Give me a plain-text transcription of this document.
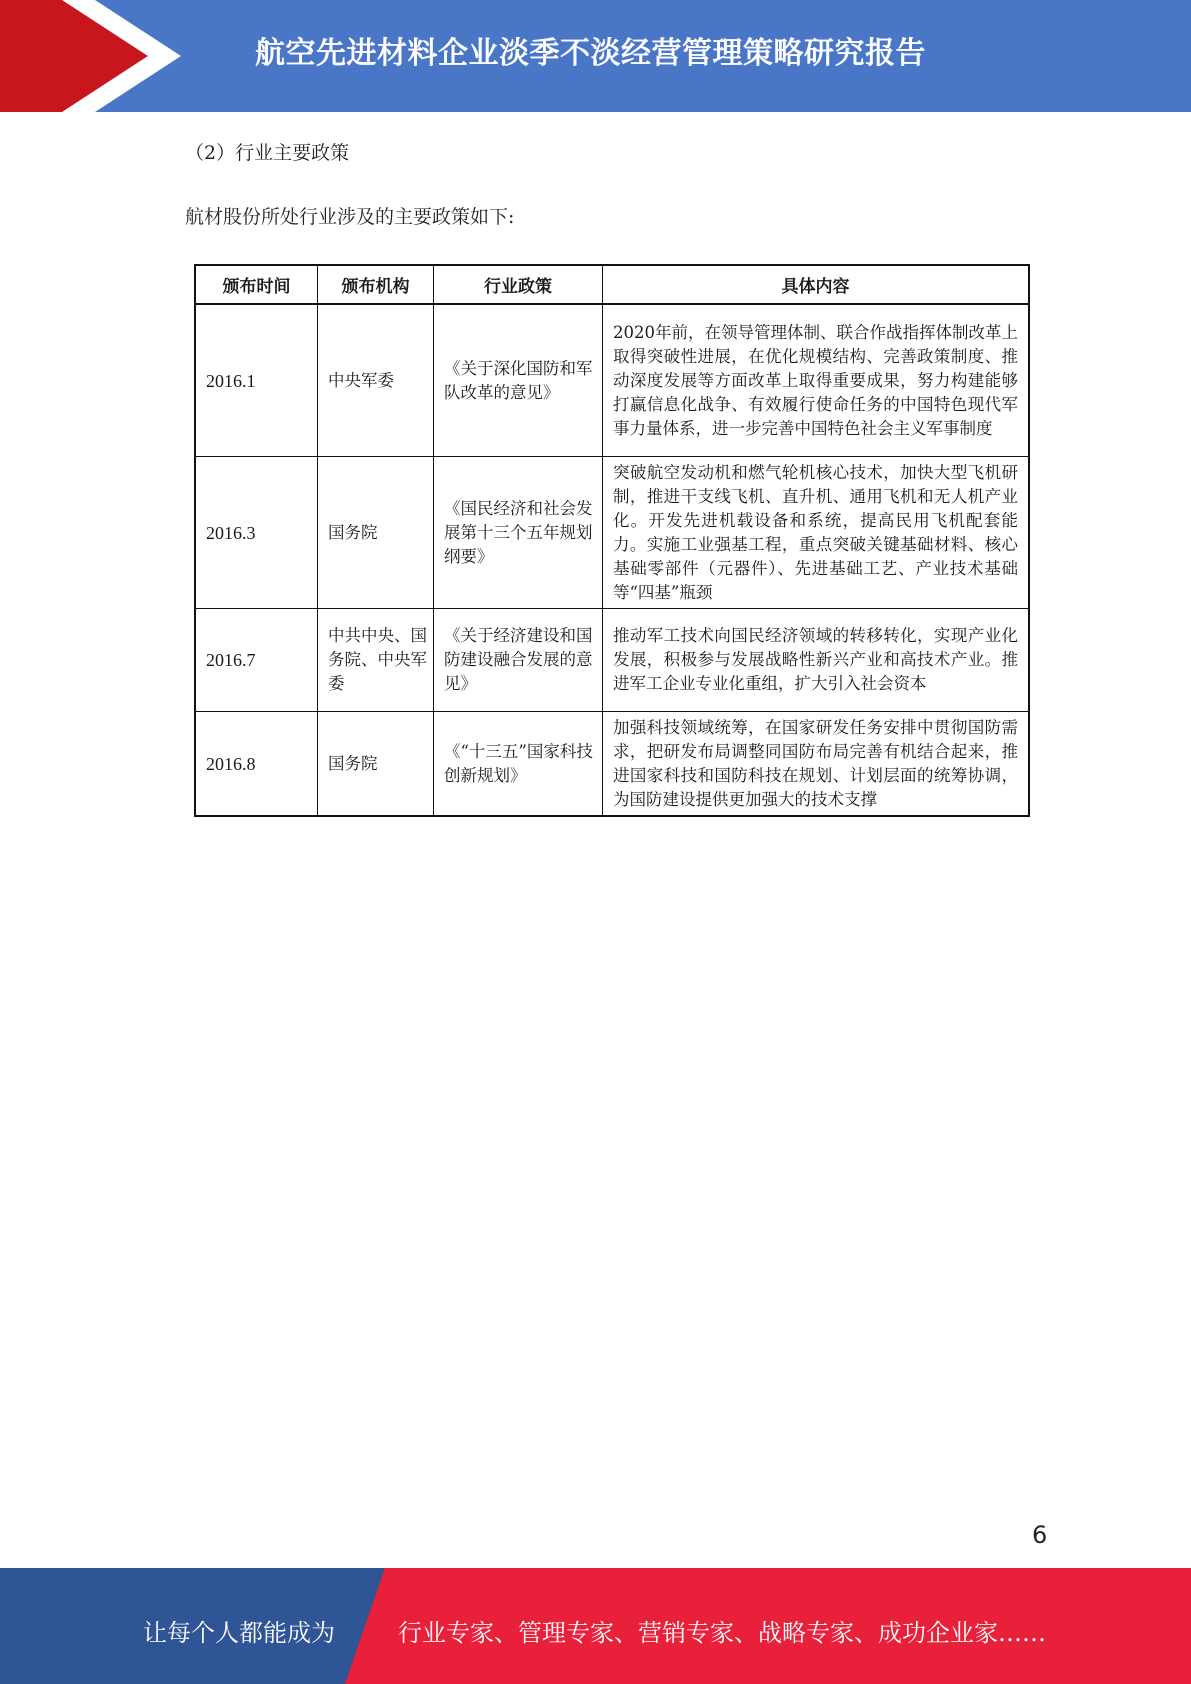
航空先进材料企业淡季不淡经营管理策略研究报告
（2）行业主要政策
航材股份所处行业涉及的主要政策如下:
颁布时间	颁布机构	行业政策	具体内容
2016.1	中央军委	《关于深化国防和军队改革的意见》	2020年前，在领导管理体制、联合作战指挥体制改革上取得突破性进展，在优化规模结构、完善政策制度、推动深度发展等方面改革上取得重要成果，努力构建能够打赢信息化战争、有效履行使命任务的中国特色现代军事力量体系，进一步完善中国特色社会主义军事制度
2016.3	国务院	《国民经济和社会发展第十三个五年规划纲要》	突破航空发动机和燃气轮机核心技术，加快大型飞机研制，推进干支线飞机、直升机、通用飞机和无人机产业化。开发先进机载设备和系统，提高民用飞机配套能力。实施工业强基工程，重点突破关键基础材料、核心基础零部件（元器件）、先进基础工艺、产业技术基础等“四基”瓶颈
2016.7	中共中央、国务院、中央军委	《关于经济建设和国防建设融合发展的意见》	推动军工技术向国民经济领域的转移转化，实现产业化发展，积极参与发展战略性新兴产业和高技术产业。推进军工企业专业化重组，扩大引入社会资本
2016.8	国务院	《“十三五”国家科技创新规划》	加强科技领域统筹，在国家研发任务安排中贯彻国防需求，把研发布局调整同国防布局完善有机结合起来，推进国家科技和国防科技在规划、计划层面的统筹协调，为国防建设提供更加强大的技术支撑
6
让每个人都能成为	行业专家、管理专家、营销专家、战略专家、成功企业家……
